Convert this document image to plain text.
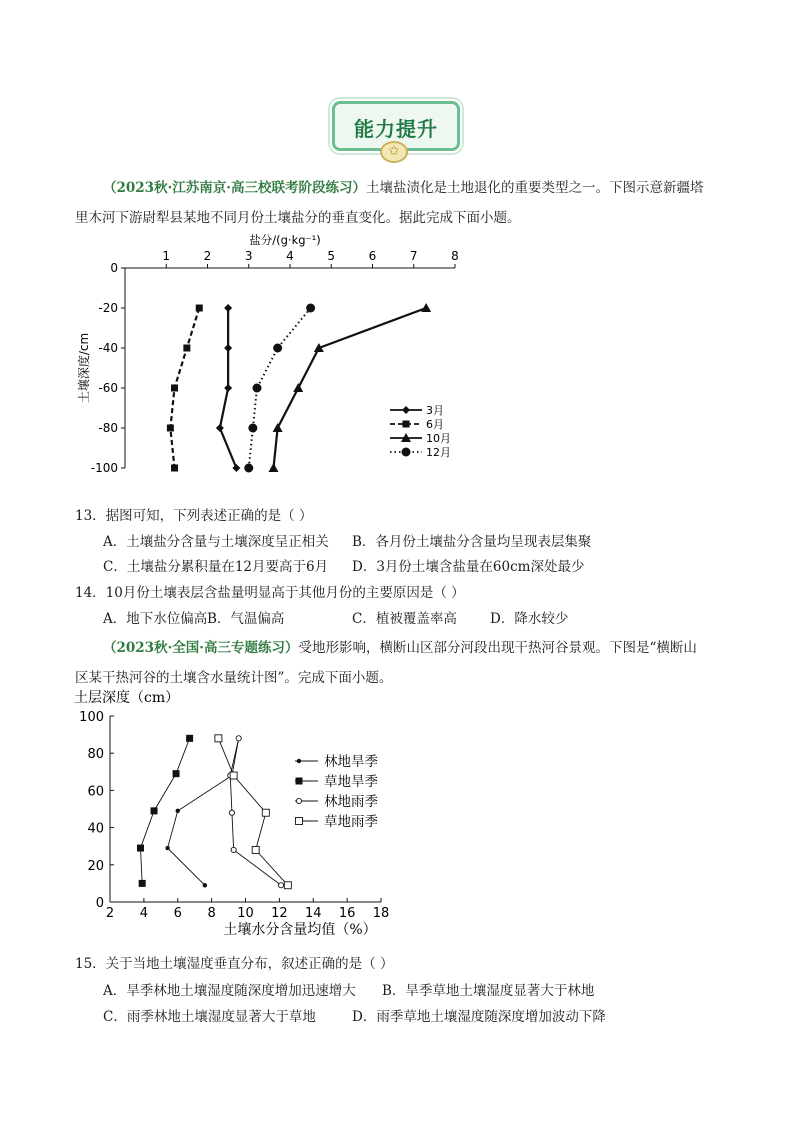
能力提升
✩
（2023秋·江苏南京·高三校联考阶段练习）土壤盐渍化是土地退化的重要类型之一。下图示意新疆塔
里木河下游尉犁县某地不同月份土壤盐分的垂直变化。据此完成下面小题。
1	2	3	4	5	6	7	8
0
-20
-40
-60
-80
-100
盐分/(g·kg⁻¹)
土壤深度/cm
3月
6月
10月
12月
13．据图可知，下列表述正确的是（ ）
A．土壤盐分含量与土壤深度呈正相关 B．各月份土壤盐分含量均呈现表层集聚
C．土壤盐分累积量在12月要高于6月 D．3月份土壤含盐量在60cm深处最少
14．10月份土壤表层含盐量明显高于其他月份的主要原因是（ ）
A．地下水位偏高 B．气温偏高	C．植被覆盖率高 D．降水较少
（2023秋·全国·高三专题练习）受地形影响，横断山区部分河段出现干热河谷景观。下图是“横断山
区某干热河谷的土壤含水量统计图”。完成下面小题。
2 4 6 8 10 12 14 16 18
0
20
40
60
80
100
土层深度（cm）
土壤水分含量均值（%）
林地旱季
草地旱季
林地雨季
草地雨季
15．关于当地土壤湿度垂直分布，叙述正确的是（ ）
A．旱季林地土壤湿度随深度增加迅速增大 B．旱季草地土壤湿度显著大于林地
C．雨季林地土壤湿度显著大于草地	D．雨季草地土壤湿度随深度增加波动下降
